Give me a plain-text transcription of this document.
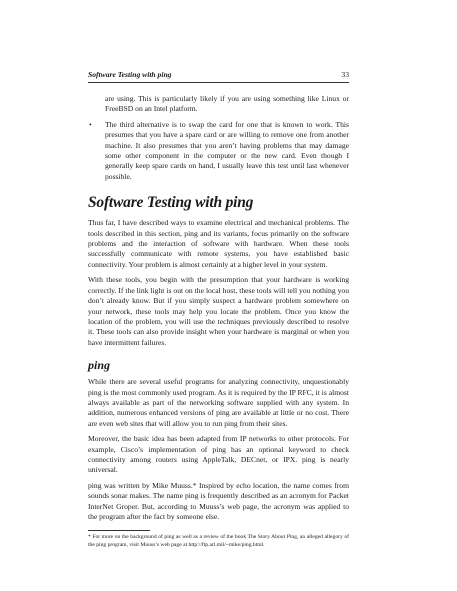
Software Testing with ping	33

are using. This is particularly likely if you are using something like Linux or FreeBSD on an Intel platform.

• The third alternative is to swap the card for one that is known to work. This presumes that you have a spare card or are willing to remove one from another machine. It also presumes that you aren’t having problems that may damage some other component in the computer or the new card. Even though I generally keep spare cards on hand, I usually leave this test until last whenever possible.
Software Testing with ping

Thus far, I have described ways to examine electrical and mechanical problems. The tools described in this section, ping and its variants, focus primarily on the software problems and the interaction of software with hardware. When these tools successfully communicate with remote systems, you have established basic connectivity. Your problem is almost certainly at a higher level in your system.

With these tools, you begin with the presumption that your hardware is working correctly. If the link light is out on the local host, these tools will tell you nothing you don’t already know. But if you simply suspect a hardware problem somewhere on your network, these tools may help you locate the problem. Once you know the location of the problem, you will use the techniques previously described to resolve it. These tools can also provide insight when your hardware is marginal or when you have intermittent failures.

ping

While there are several useful programs for analyzing connectivity, unquestionably ping is the most commonly used program. As it is required by the IP RFC, it is almost always available as part of the networking software supplied with any system. In addition, numerous enhanced versions of ping are available at little or no cost. There are even web sites that will allow you to run ping from their sites.

Moreover, the basic idea has been adapted from IP networks to other protocols. For example, Cisco’s implementation of ping has an optional keyword to check connectivity among routers using AppleTalk, DECnet, or IPX. ping is nearly universal.

ping was written by Mike Muuss.* Inspired by echo location, the name comes from sounds sonar makes. The name ping is frequently described as an acronym for Packet InterNet Groper. But, according to Muuss’s web page, the acronym was applied to the program after the fact by someone else.

* For more on the background of ping as well as a review of the book The Story About Ping, an alleged allegory of the ping program, visit Muuss’s web page at http://ftp.arl.mil/~mike/ping.html.
